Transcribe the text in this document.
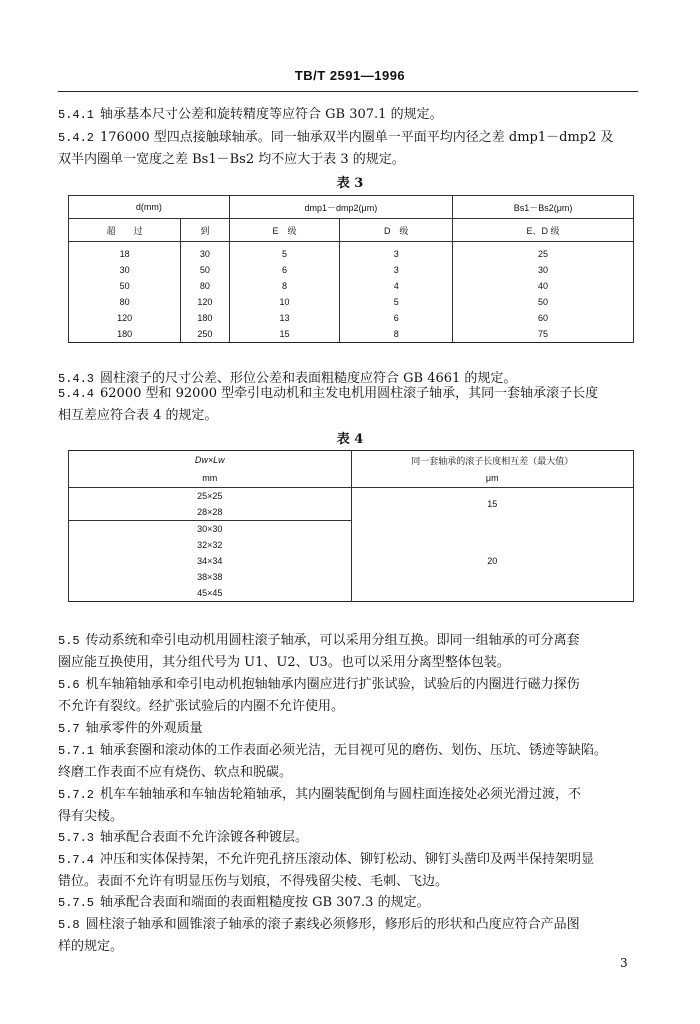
TB/T 2591—1996
5.4.1 轴承基本尺寸公差和旋转精度等应符合 GB 307.1 的规定。
5.4.2 176000 型四点接触球轴承。同一轴承双半内圈单一平面平均内径之差 dmp1－dmp2 及
双半内圈单一宽度之差 Bs1－Bs2 均不应大于表 3 的规定。
表 3
d(mm)		dmp1－dmp2(μm)		Bs1－Bs2(μm)
超　　过	到	E　级	D　级	E、D 级
18	30	5	3	25
30	50	6	3	30
50	80	8	4	40
80	120	10	5	50
120	180	13	6	60
180	250	15	8	75
5.4.3 圆柱滚子的尺寸公差、形位公差和表面粗糙度应符合 GB 4661 的规定。
5.4.4 62000 型和 92000 型牵引电动机和主发电机用圆柱滚子轴承，其同一套轴承滚子长度
相互差应符合表 4 的规定。
表 4
Dw×Lw	同一套轴承的滚子长度相互差（最大值）
mm	μm
25×25	15
28×28	
30×30	20
32×32	
34×34	
38×38	
45×45	
5.5 传动系统和牵引电动机用圆柱滚子轴承，可以采用分组互换。即同一组轴承的可分离套
圈应能互换使用，其分组代号为 U1、U2、U3。也可以采用分离型整体包装。
5.6 机车轴箱轴承和牵引电动机抱轴轴承内圈应进行扩张试验，试验后的内圈进行磁力探伤
不允许有裂纹。经扩张试验后的内圈不允许使用。
5.7 轴承零件的外观质量
5.7.1 轴承套圈和滚动体的工作表面必须光洁，无目视可见的磨伤、划伤、压坑、锈迹等缺陷。
终磨工作表面不应有烧伤、软点和脱碳。
5.7.2 机车车轴轴承和车轴齿轮箱轴承，其内圈装配倒角与圆柱面连接处必须光滑过渡，不
得有尖棱。
5.7.3 轴承配合表面不允许涂镀各种镀层。
5.7.4 冲压和实体保持架，不允许兜孔挤压滚动体、铆钉松动、铆钉头凿印及两半保持架明显
错位。表面不允许有明显压伤与划痕，不得残留尖棱、毛刺、飞边。
5.7.5 轴承配合表面和端面的表面粗糙度按 GB 307.3 的规定。
5.8 圆柱滚子轴承和圆锥滚子轴承的滚子素线必须修形，修形后的形状和凸度应符合产品图
样的规定。
3
